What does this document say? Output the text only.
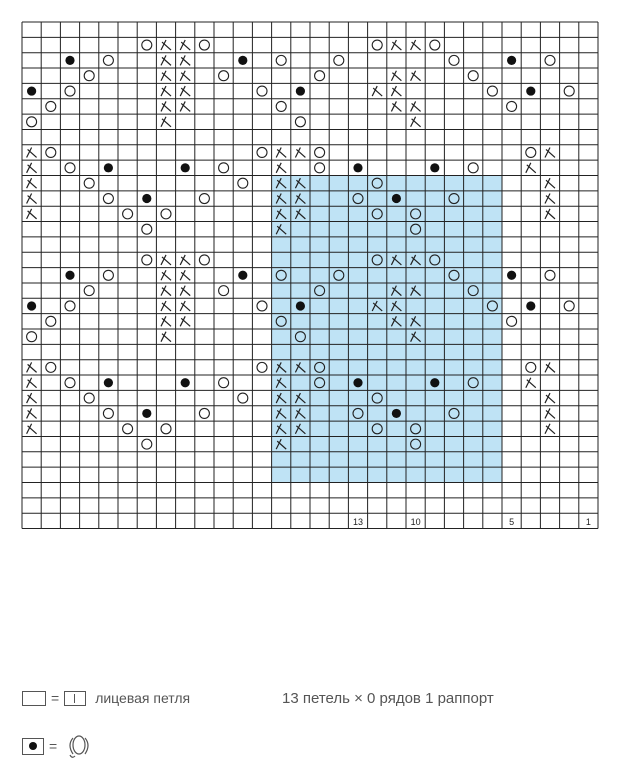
13	10	5	1
=	лицевая петля	13 петель × 0 рядов 1 раппорт
=
